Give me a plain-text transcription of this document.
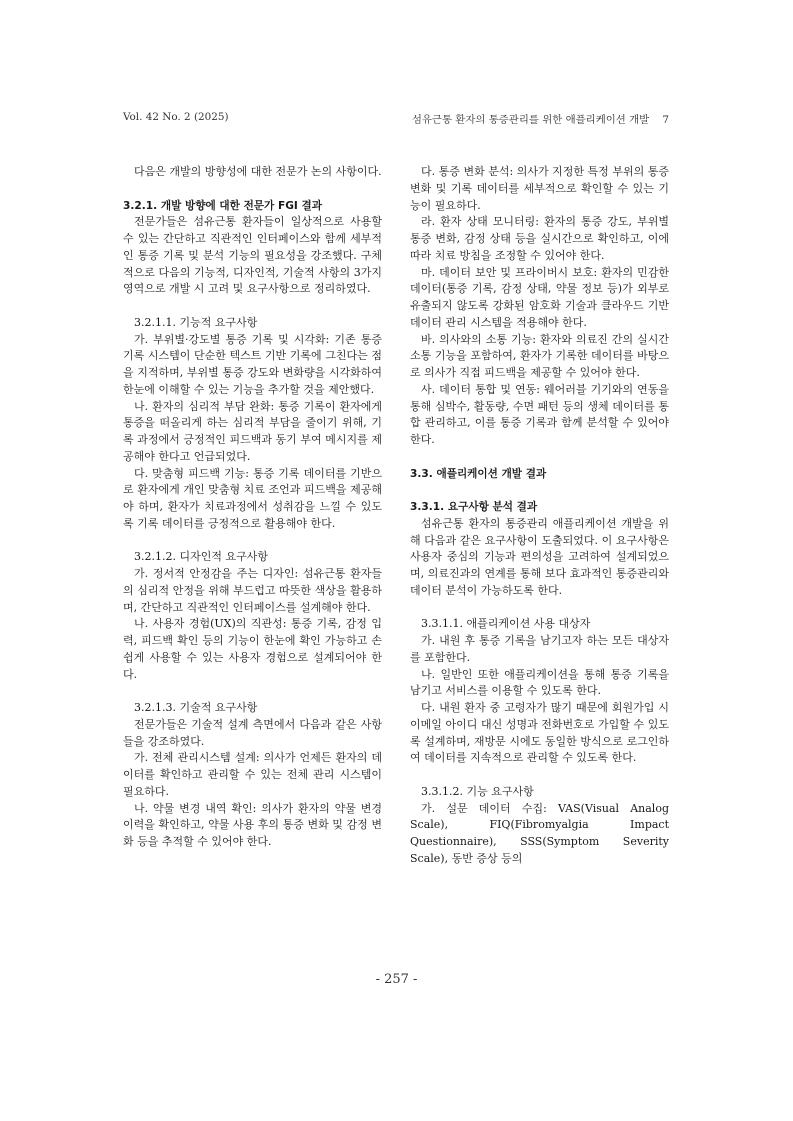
Vol. 42 No. 2 (2025)	섬유근통 환자의 통증관리를 위한 애플리케이션 개발    7

다음은 개발의 방향성에 대한 전문가 논의 사항이다.

3.2.1. 개발 방향에 대한 전문가 FGI 결과

전문가들은 섬유근통 환자들이 일상적으로 사용할 수 있는 간단하고 직관적인 인터페이스와 함께 세부적인 통증 기록 및 분석 기능의 필요성을 강조했다. 구체적으로 다음의 기능적, 디자인적, 기술적 사항의 3가지 영역으로 개발 시 고려 및 요구사항으로 정리하였다.

3.2.1.1. 기능적 요구사항

가. 부위별·강도별 통증 기록 및 시각화: 기존 통증 기록 시스템이 단순한 텍스트 기반 기록에 그친다는 점을 지적하며, 부위별 통증 강도와 변화량을 시각화하여 한눈에 이해할 수 있는 기능을 추가할 것을 제안했다.

나. 환자의 심리적 부담 완화: 통증 기록이 환자에게 통증을 떠올리게 하는 심리적 부담을 줄이기 위해, 기록 과정에서 긍정적인 피드백과 동기 부여 메시지를 제공해야 한다고 언급되었다.

다. 맞춤형 피드백 기능: 통증 기록 데이터를 기반으로 환자에게 개인 맞춤형 치료 조언과 피드백을 제공해야 하며, 환자가 치료과정에서 성취감을 느낄 수 있도록 기록 데이터를 긍정적으로 활용해야 한다.

3.2.1.2. 디자인적 요구사항

가. 정서적 안정감을 주는 디자인: 섬유근통 환자들의 심리적 안정을 위해 부드럽고 따뜻한 색상을 활용하며, 간단하고 직관적인 인터페이스를 설계해야 한다.

나. 사용자 경험(UX)의 직관성: 통증 기록, 감정 입력, 피드백 확인 등의 기능이 한눈에 확인 가능하고 손쉽게 사용할 수 있는 사용자 경험으로 설계되어야 한다.

3.2.1.3. 기술적 요구사항

전문가들은 기술적 설계 측면에서 다음과 같은 사항들을 강조하였다.

가. 전체 관리시스템 설계: 의사가 언제든 환자의 데이터를 확인하고 관리할 수 있는 전체 관리 시스템이 필요하다.

나. 약물 변경 내역 확인: 의사가 환자의 약물 변경 이력을 확인하고, 약물 사용 후의 통증 변화 및 감정 변화 등을 추적할 수 있어야 한다.

다. 통증 변화 분석: 의사가 지정한 특정 부위의 통증 변화 및 기록 데이터를 세부적으로 확인할 수 있는 기능이 필요하다.

라. 환자 상태 모니터링: 환자의 통증 강도, 부위별 통증 변화, 감정 상태 등을 실시간으로 확인하고, 이에 따라 치료 방침을 조정할 수 있어야 한다.

마. 데이터 보안 및 프라이버시 보호: 환자의 민감한 데이터(통증 기록, 감정 상태, 약물 정보 등)가 외부로 유출되지 않도록 강화된 암호화 기술과 클라우드 기반 데이터 관리 시스템을 적용해야 한다.

바. 의사와의 소통 기능: 환자와 의료진 간의 실시간 소통 기능을 포함하여, 환자가 기록한 데이터를 바탕으로 의사가 직접 피드백을 제공할 수 있어야 한다.

사. 데이터 통합 및 연동: 웨어러블 기기와의 연동을 통해 심박수, 활동량, 수면 패턴 등의 생체 데이터를 통합 관리하고, 이를 통증 기록과 함께 분석할 수 있어야 한다.

3.3. 애플리케이션 개발 결과

3.3.1. 요구사항 분석 결과

섬유근통 환자의 통증관리 애플리케이션 개발을 위해 다음과 같은 요구사항이 도출되었다. 이 요구사항은 사용자 중심의 기능과 편의성을 고려하여 설계되었으며, 의료진과의 연계를 통해 보다 효과적인 통증관리와 데이터 분석이 가능하도록 한다.

3.3.1.1. 애플리케이션 사용 대상자

가. 내원 후 통증 기록을 남기고자 하는 모든 대상자를 포함한다.

나. 일반인 또한 애플리케이션을 통해 통증 기록을 남기고 서비스를 이용할 수 있도록 한다.

다. 내원 환자 중 고령자가 많기 때문에 회원가입 시 이메일 아이디 대신 성명과 전화번호로 가입할 수 있도록 설계하며, 재방문 시에도 동일한 방식으로 로그인하여 데이터를 지속적으로 관리할 수 있도록 한다.

3.3.1.2. 기능 요구사항

가. 설문 데이터 수집: VAS(Visual Analog Scale), FIQ(Fibromyalgia Impact Questionnaire), SSS(Symptom Severity Scale), 동반 증상 등의

- 257 -
